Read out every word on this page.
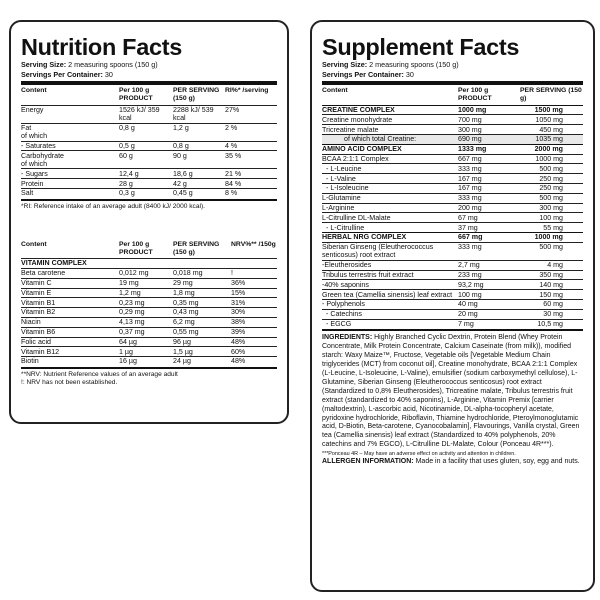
Nutrition Facts
Serving Size: 2 measuring spoons (150 g)
Servings Per Container: 30
Content	Per 100 g PRODUCT	PER SERVING (150 g)	RI%* /serving
Energy	1526 kJ/ 359 kcal	2288 kJ/ 539 kcal	27%
Fat
of which	0,8 g	1,2 g	2 %
- Saturates	0,5 g	0,8 g	4 %
Carbohydrate
of which	60 g	90 g	35 %
- Sugars	12,4 g	18,6 g	21 %
Protein	28 g	42 g	84 %
Salt	0,3 g	0,45 g	8 %
*RI: Reference intake of an average adult (8400 kJ/ 2000 kcal).
Content	Per 100 g PRODUCT	PER SERVING (150 g)	NRV%** /150g
VITAMIN COMPLEX			
Beta carotene	0,012 mg	0,018 mg	!
Vitamin C	19 mg	29 mg	36%
Vitamin E	1,2 mg	1,8 mg	15%
Vitamin B1	0,23 mg	0,35 mg	31%
Vitamin B2	0,29 mg	0,43 mg	30%
Niacin	4,13 mg	6,2 mg	38%
Vitamin B6	0,37 mg	0,55 mg	39%
Folic acid	64 µg	96 µg	48%
Vitamin B12	1 µg	1,5 µg	60%
Biotin	16 µg	24 µg	48%
**NRV: Nutrient Reference values of an average adult
!: NRV has not been established.
Supplement Facts
Serving Size: 2 measuring spoons (150 g)
Servings Per Container: 30
Content	Per 100 g PRODUCT	PER SERVING (150 g)
CREATINE COMPLEX	1000 mg	1500 mg
Creatine monohydrate	700 mg	1050 mg
Tricreatine malate	300 mg	450 mg
of which total Creatine:	690 mg	1035 mg
AMINO ACID COMPLEX	1333 mg	2000 mg
BCAA 2:1:1 Complex	667 mg	1000 mg
- L-Leucine	333 mg	500 mg
- L-Valine	167 mg	250 mg
- L-Isoleucine	167 mg	250 mg
L-Glutamine	333 mg	500 mg
L-Arginine	200 mg	300 mg
L-Citrulline DL-Malate	67 mg	100 mg
- L-Citrulline	37 mg	55 mg
HERBAL NRG COMPLEX	667 mg	1000 mg
Siberian Ginseng (Eleutherococcus senticosus) root extract	333 mg	500 mg
-Eleutherosides	2,7 mg	4 mg
Tribulus terrestris fruit extract	233 mg	350 mg
-40% saponins	93,2 mg	140 mg
Green tea (Camellia sinensis) leaf extract	100 mg	150 mg
- Polyphenols	40 mg	60 mg
- Catechins	20 mg	30 mg
- EGCG	7 mg	10,5 mg
INGREDIENTS: Highly Branched Cyclic Dextrin, Protein Blend (Whey Protein Concentrate, Milk Protein Concentrate, Calcium Caseinate (from milk)), modified starch: Waxy Maize™, Fructose, Vegetable oils [Vegetable Medium Chain triglycerides (MCT) from coconut oil], Creatine monohydrate, BCAA 2:1:1 Complex (L-Leucine, L-Isoleucine, L-Valine), emulsifier (sodium carboxymethyl cellulose), L-Glutamine, Siberian Ginseng (Eleutherococcus senticosus) root extract (Standardized to 0,8% Eleutherosides), Tricreatine malate, Tribulus terrestris fruit extract (standardized to 40% saponins), L-Arginine, Vitamin Premix [carrier (maltodextrin), L-ascorbic acid, Nicotinamide, DL-alpha-tocopheryl acetate, pyridoxine hydrochloride, Riboflavin, Thiamine hydrochloride, Pteroylmonoglutamic acid, D-Biotin, Beta-carotene, Cyanocobalamin], Flavourings, Vanilla crystal, Green tea (Camellia sinensis) leaf extract (Standardized to 40% polyphenols, 20% catechins and 7% EGCO), L-Citrulline DL-Malate, Colour (Ponceau 4R***).
***Ponceau 4R – May have an adverse effect on activity and attention in children.
ALLERGEN INFORMATION: Made in a facility that uses gluten, soy, egg and nuts.
